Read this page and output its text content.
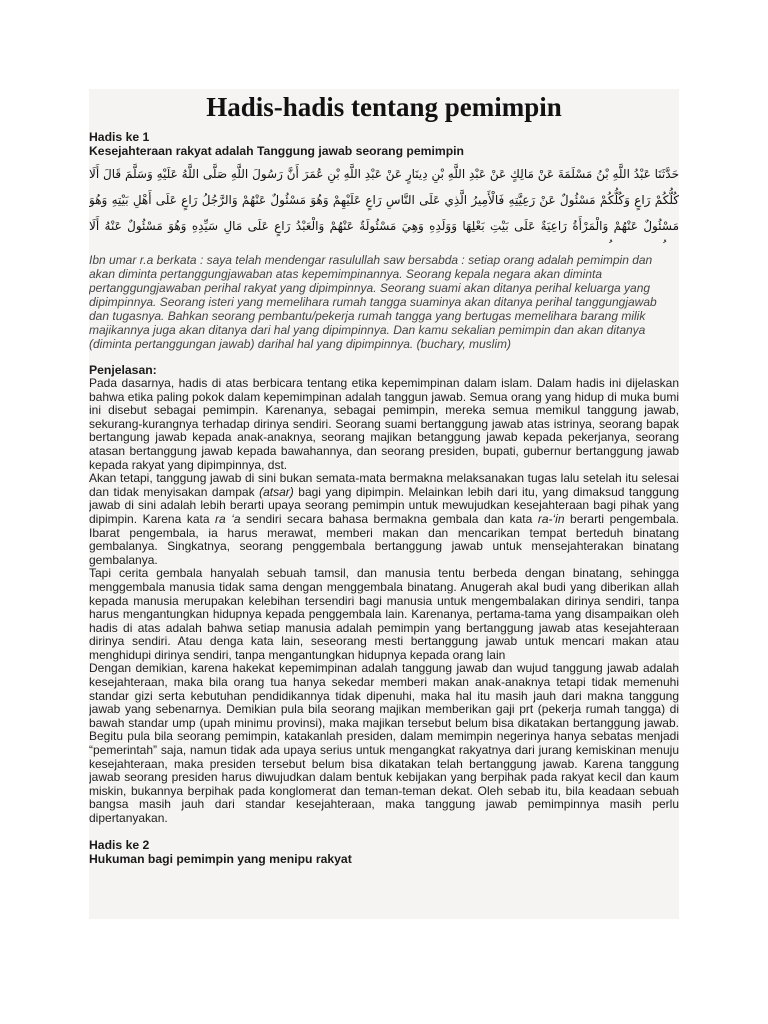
Hadis-hadis tentang pemimpin
Hadis ke 1
Kesejahteraan rakyat adalah Tanggung jawab seorang pemimpin
حَدَّثَنَا عَبْدُ اللَّهِ بْنُ مَسْلَمَةَ عَنْ مَالِكٍ عَنْ عَبْدِ اللَّهِ بْنِ دِينَارٍ عَنْ عَبْدِ اللَّهِ بْنِ عُمَرَ أَنَّ رَسُولَ اللَّهِ صَلَّى اللَّهُ عَلَيْهِ وَسَلَّمَ قَالَ أَلَا كُلُّكُمْ رَاعٍ وَكُلُّكُمْ مَسْئُولٌ عَنْ رَعِيَّتِهِ فَالْأَمِيرُ الَّذِي عَلَى النَّاسِ رَاعٍ عَلَيْهِمْ وَهُوَ مَسْئُولٌ عَنْهُمْ وَالرَّجُلُ رَاعٍ عَلَى أَهْلِ بَيْتِهِ وَهُوَ مَسْئُولٌ عَنْهُمْ وَالْمَرْأَةُ رَاعِيَةٌ عَلَى بَيْتِ بَعْلِهَا وَوَلَدِهِ وَهِيَ مَسْئُولَةٌ عَنْهُمْ وَالْعَبْدُ رَاعٍ عَلَى مَالِ سَيِّدِهِ وَهُوَ مَسْئُولٌ عَنْهُ أَلَا
Ibn umar r.a berkata : saya telah mendengar rasulullah saw bersabda : setiap orang adalah pemimpin dan akan diminta pertanggungjawaban atas kepemimpinannya. Seorang kepala negara akan diminta pertanggungjawaban perihal rakyat yang dipimpinnya. Seorang suami akan ditanya perihal keluarga yang dipimpinnya. Seorang isteri yang memelihara rumah tangga suaminya akan ditanya perihal tanggungjawab dan tugasnya. Bahkan seorang pembantu/pekerja rumah tangga yang bertugas memelihara barang milik majikannya juga akan ditanya dari hal yang dipimpinnya. Dan kamu sekalian pemimpin dan akan ditanya (diminta pertanggungan jawab) darihal hal yang dipimpinnya. (buchary, muslim)
Penjelasan:
Pada dasarnya, hadis di atas berbicara tentang etika kepemimpinan dalam islam. Dalam hadis ini dijelaskan bahwa etika paling pokok dalam kepemimpinan adalah tanggun jawab. Semua orang yang hidup di muka bumi ini disebut sebagai pemimpin. Karenanya, sebagai pemimpin, mereka semua memikul tanggung jawab, sekurang-kurangnya terhadap dirinya sendiri. Seorang suami bertanggung jawab atas istrinya, seorang bapak bertangung jawab kepada anak-anaknya, seorang majikan betanggung jawab kepada pekerjanya, seorang atasan bertanggung jawab kepada bawahannya, dan seorang presiden, bupati, gubernur bertanggung jawab kepada rakyat yang dipimpinnya, dst.
Akan tetapi, tanggung jawab di sini bukan semata-mata bermakna melaksanakan tugas lalu setelah itu selesai dan tidak menyisakan dampak (atsar) bagi yang dipimpin. Melainkan lebih dari itu, yang dimaksud tanggung jawab di sini adalah lebih berarti upaya seorang pemimpin untuk mewujudkan kesejahteraan bagi pihak yang dipimpin. Karena kata ra ‘a sendiri secara bahasa bermakna gembala dan kata ra-‘in berarti pengembala. Ibarat pengembala, ia harus merawat, memberi makan dan mencarikan tempat berteduh binatang gembalanya. Singkatnya, seorang penggembala bertanggung jawab untuk mensejahterakan binatang gembalanya.
Tapi cerita gembala hanyalah sebuah tamsil, dan manusia tentu berbeda dengan binatang, sehingga menggembala manusia tidak sama dengan menggembala binatang. Anugerah akal budi yang diberikan allah kepada manusia merupakan kelebihan tersendiri bagi manusia untuk mengembalakan dirinya sendiri, tanpa harus mengantungkan hidupnya kepada penggembala lain. Karenanya, pertama-tama yang disampaikan oleh hadis di atas adalah bahwa setiap manusia adalah pemimpin yang bertanggung jawab atas kesejahteraan dirinya sendiri. Atau denga kata lain, seseorang mesti bertanggung jawab untuk mencari makan atau menghidupi dirinya sendiri, tanpa mengantungkan hidupnya kepada orang lain
Dengan demikian, karena hakekat kepemimpinan adalah tanggung jawab dan wujud tanggung jawab adalah kesejahteraan, maka bila orang tua hanya sekedar memberi makan anak-anaknya tetapi tidak memenuhi standar gizi serta kebutuhan pendidikannya tidak dipenuhi, maka hal itu masih jauh dari makna tanggung jawab yang sebenarnya. Demikian pula bila seorang majikan memberikan gaji prt (pekerja rumah tangga) di bawah standar ump (upah minimu provinsi), maka majikan tersebut belum bisa dikatakan bertanggung jawab. Begitu pula bila seorang pemimpin, katakanlah presiden, dalam memimpin negerinya hanya sebatas menjadi “pemerintah” saja, namun tidak ada upaya serius untuk mengangkat rakyatnya dari jurang kemiskinan menuju kesejahteraan, maka presiden tersebut belum bisa dikatakan telah bertanggung jawab. Karena tanggung jawab seorang presiden harus diwujudkan dalam bentuk kebijakan yang berpihak pada rakyat kecil dan kaum miskin, bukannya berpihak pada konglomerat dan teman-teman dekat. Oleh sebab itu, bila keadaan sebuah bangsa masih jauh dari standar kesejahteraan, maka tanggung jawab pemimpinnya masih perlu dipertanyakan.
Hadis ke 2
Hukuman bagi pemimpin yang menipu rakyat
